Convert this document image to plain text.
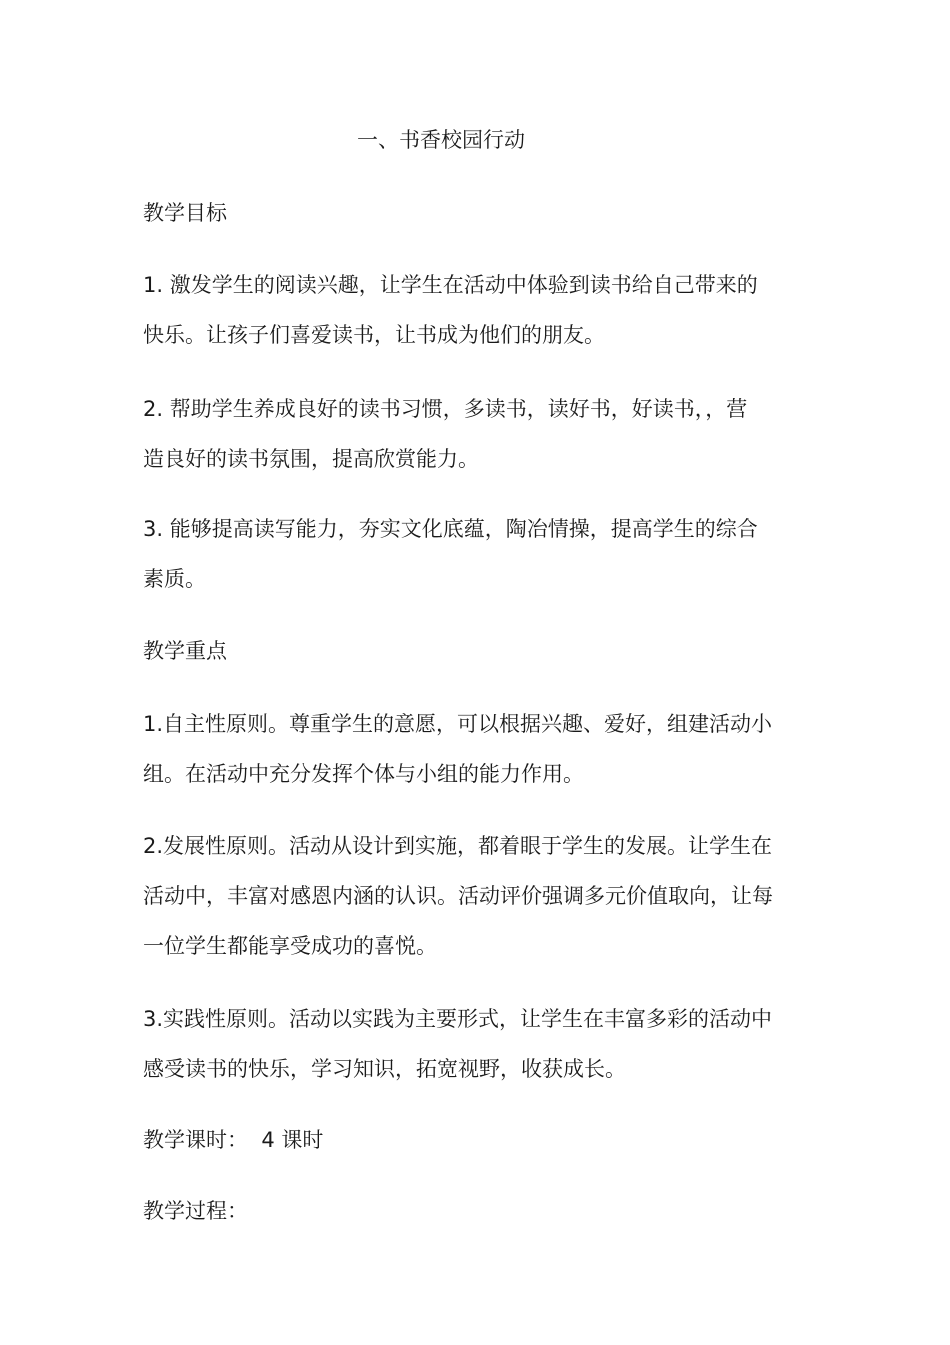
一、书香校园行动
教学目标
1. 激发学生的阅读兴趣，让学生在活动中体验到读书给自己带来的
快乐。让孩子们喜爱读书，让书成为他们的朋友。
2. 帮助学生养成良好的读书习惯，多读书，读好书，好读书，，营
造良好的读书氛围，提高欣赏能力。
3. 能够提高读写能力，夯实文化底蕴，陶冶情操，提高学生的综合
素质。
教学重点
1.自主性原则。尊重学生的意愿，可以根据兴趣、爱好，组建活动小
组。在活动中充分发挥个体与小组的能力作用。
2.发展性原则。活动从设计到实施，都着眼于学生的发展。让学生在
活动中，丰富对感恩内涵的认识。活动评价强调多元价值取向，让每
一位学生都能享受成功的喜悦。
3.实践性原则。活动以实践为主要形式，让学生在丰富多彩的活动中
感受读书的快乐，学习知识，拓宽视野，收获成长。
教学课时：  4 课时
教学过程：
